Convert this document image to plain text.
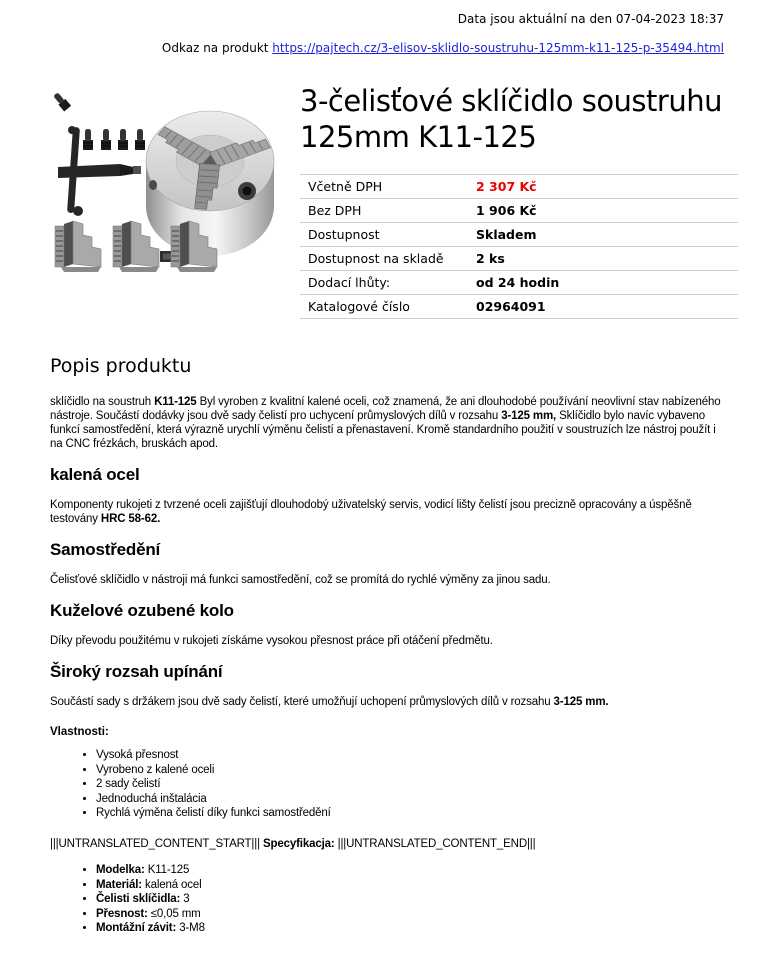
Data jsou aktuální na den 07-04-2023 18:37
Odkaz na produkt https://pajtech.cz/3-elisov-sklidlo-soustruhu-125mm-k11-125-p-35494.html
3-čelisťové sklíčidlo soustruhu 125mm K11-125
Včetně DPH	2 307 Kč
Bez DPH	1 906 Kč
Dostupnost	Skladem
Dostupnost na skladě	2 ks
Dodací lhůty:	od 24 hodin
Katalogové číslo	02964091
Popis produktu

sklíčidlo na soustruh K11-125 Byl vyroben z kvalitní kalené oceli, což znamená, že ani dlouhodobé používání neovlivní stav nabízeného nástroje. Součástí dodávky jsou dvě sady čelistí pro uchycení průmyslových dílů v rozsahu 3-125 mm, Sklíčidlo bylo navíc vybaveno funkcí samostředění, která výrazně urychlí výměnu čelistí a přenastavení. Kromě standardního použití v soustruzích lze nástroj použít i na CNC frézkách, bruskách apod.

kalená ocel

Komponenty rukojeti z tvrzené oceli zajišťují dlouhodobý uživatelský servis, vodicí lišty čelistí jsou precizně opracovány a úspěšně testovány HRC 58-62.

Samostředění

Čelisťové sklíčidlo v nástroji má funkci samostředění, což se promítá do rychlé výměny za jinou sadu.

Kuželové ozubené kolo

Díky převodu použitému v rukojeti získáme vysokou přesnost práce při otáčení předmětu.

Široký rozsah upínání

Součástí sady s držákem jsou dvě sady čelistí, které umožňují uchopení průmyslových dílů v rozsahu 3-125 mm.

Vlastnosti:

• Vysoká přesnost
• Vyrobeno z kalené oceli
• 2 sady čelistí
• Jednoduchá inštalácia
• Rychlá výměna čelistí díky funkci samostředění

|||UNTRANSLATED_CONTENT_START||| Specyfikacja: |||UNTRANSLATED_CONTENT_END|||

• Modelka: K11-125
• Materiál: kalená ocel
• Čelisti sklíčidla: 3
• Přesnost: ≤0,05 mm
• Montážní závit: 3-M8
